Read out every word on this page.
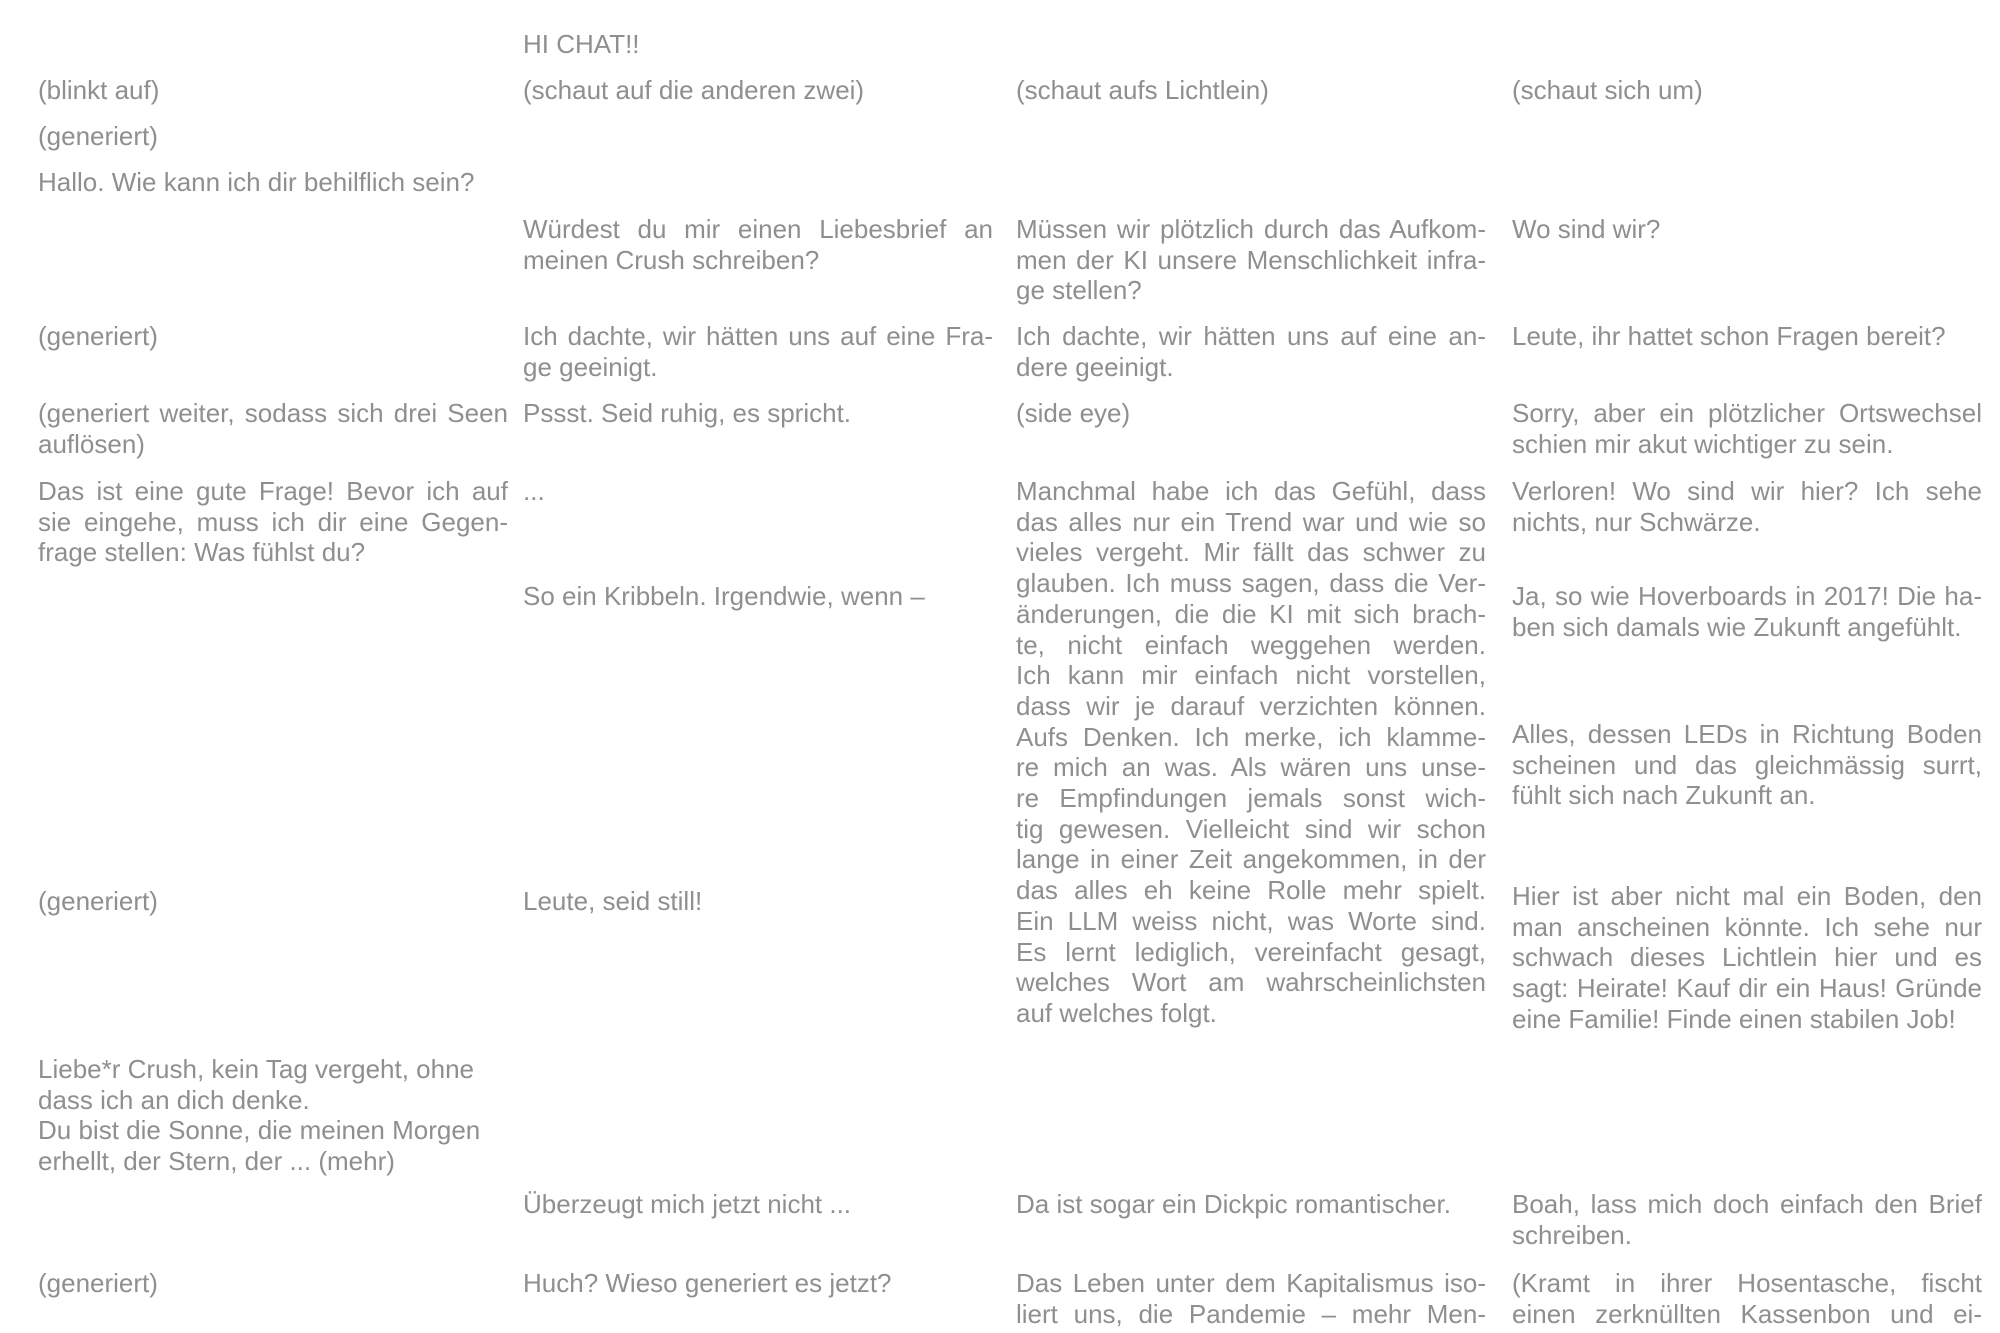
(blinkt auf)
(generiert)
Hallo. Wie kann ich dir behilflich sein?
(generiert)
(generiert weiter, sodass sich drei Seen
auflösen)
Das ist eine gute Frage! Bevor ich auf
sie eingehe, muss ich dir eine Gegen-
frage stellen: Was fühlst du?
(generiert)
Liebe*r Crush, kein Tag vergeht, ohne
dass ich an dich denke.
Du bist die Sonne, die meinen Morgen
erhellt, der Stern, der ... (mehr)
(generiert)
HI CHAT!!
(schaut auf die anderen zwei)
Würdest du mir einen Liebesbrief an
meinen Crush schreiben?
Ich dachte, wir hätten uns auf eine Fra-
ge geeinigt.
Pssst. Seid ruhig, es spricht.
...
So ein Kribbeln. Irgendwie, wenn –
Leute, seid still!
Überzeugt mich jetzt nicht ...
Huch? Wieso generiert es jetzt?
(schaut aufs Lichtlein)
Müssen wir plötzlich durch das Aufkom-
men der KI unsere Menschlichkeit infra-
ge stellen?
Ich dachte, wir hätten uns auf eine an-
dere geeinigt.
(side eye)
Manchmal habe ich das Gefühl, dass
das alles nur ein Trend war und wie so
vieles vergeht. Mir fällt das schwer zu
glauben. Ich muss sagen, dass die Ver-
änderungen, die die KI mit sich brach-
te, nicht einfach weggehen werden.
Ich kann mir einfach nicht vorstellen,
dass wir je darauf verzichten können.
Aufs Denken. Ich merke, ich klamme-
re mich an was. Als wären uns unse-
re Empfindungen jemals sonst wich-
tig gewesen. Vielleicht sind wir schon
lange in einer Zeit angekommen, in der
das alles eh keine Rolle mehr spielt.
Ein LLM weiss nicht, was Worte sind.
Es lernt lediglich, vereinfacht gesagt,
welches Wort am wahrscheinlichsten
auf welches folgt.
Da ist sogar ein Dickpic romantischer.
Das Leben unter dem Kapitalismus iso-
liert uns, die Pandemie – mehr Men-
(schaut sich um)
Wo sind wir?
Leute, ihr hattet schon Fragen bereit?
Sorry, aber ein plötzlicher Ortswechsel
schien mir akut wichtiger zu sein.
Verloren! Wo sind wir hier? Ich sehe
nichts, nur Schwärze.
Ja, so wie Hoverboards in 2017! Die ha-
ben sich damals wie Zukunft angefühlt.
Alles, dessen LEDs in Richtung Boden
scheinen und das gleichmässig surrt,
fühlt sich nach Zukunft an.
Hier ist aber nicht mal ein Boden, den
man anscheinen könnte. Ich sehe nur
schwach dieses Lichtlein hier und es
sagt: Heirate! Kauf dir ein Haus! Gründe
eine Familie! Finde einen stabilen Job!
Boah, lass mich doch einfach den Brief
schreiben.
(Kramt in ihrer Hosentasche, fischt
einen zerknüllten Kassenbon und ei-
